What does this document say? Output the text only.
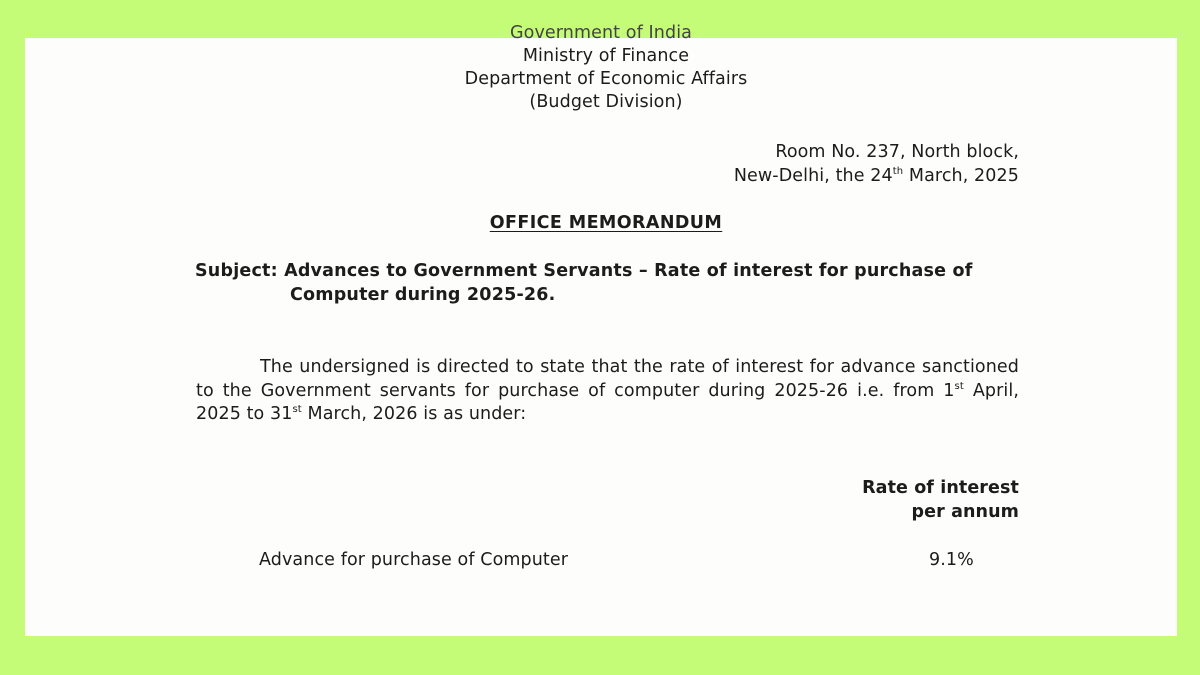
Government of India
Ministry of Finance
Department of Economic Affairs
(Budget Division)
Room No. 237, North block,
New-Delhi, the 24th March, 2025
OFFICE MEMORANDUM
Subject: Advances to Government Servants – Rate of interest for purchase of
Computer during 2025-26.
The undersigned is directed to state that the rate of interest for advance sanctioned to the Government servants for purchase of computer during 2025-26 i.e. from 1st April, 2025 to 31st March, 2026 is as under:
Rate of interest
per annum
Advance for purchase of Computer	9.1%
